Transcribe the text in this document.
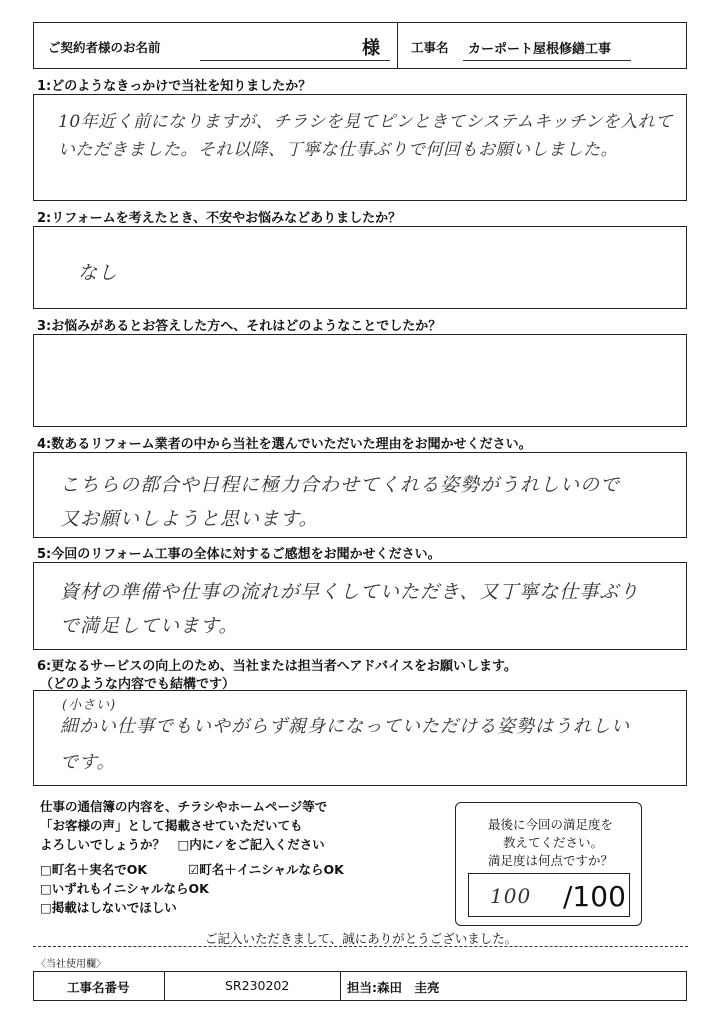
ご契約者様のお名前	様 工事名 カーポート屋根修繕工事
1:どのようなきっかけで当社を知りましたか？
10年近く前になりますが、チラシを見てピンときてシステムキッチンを入れて
いただきました。それ以降、丁寧な仕事ぶりで何回もお願いしました。
2:リフォームを考えたとき、不安やお悩みなどありましたか？
なし
3:お悩みがあるとお答えした方へ、それはどのようなことでしたか？
4:数あるリフォーム業者の中から当社を選んでいただいた理由をお聞かせください。
こちらの都合や日程に極力合わせてくれる姿勢がうれしいので
又お願いしようと思います。
5:今回のリフォーム工事の全体に対するご感想をお聞かせください。
資材の準備や仕事の流れが早くしていただき、又丁寧な仕事ぶり
で満足しています。
6:更なるサービスの向上のため、当社または担当者へアドバイスをお願いします。
（どのような内容でも結構です）
(小さい)
細かい仕事でもいやがらず親身になっていただける姿勢はうれしい
です。
仕事の通信簿の内容を、チラシやホームページ等で
「お客様の声」として掲載させていただいても
よろしいでしょうか？　□内に✓をご記入ください
□町名＋実名でOK	☑町名＋イニシャルならOK
□いずれもイニシャルならOK
□掲載はしないでほしい
最後に今回の満足度を
教えてください。
満足度は何点ですか？
100 /100
ご記入いただきまして、誠にありがとうございました。
〈当社使用欄〉
工事名番号	SR230202	担当:森田　圭亮
